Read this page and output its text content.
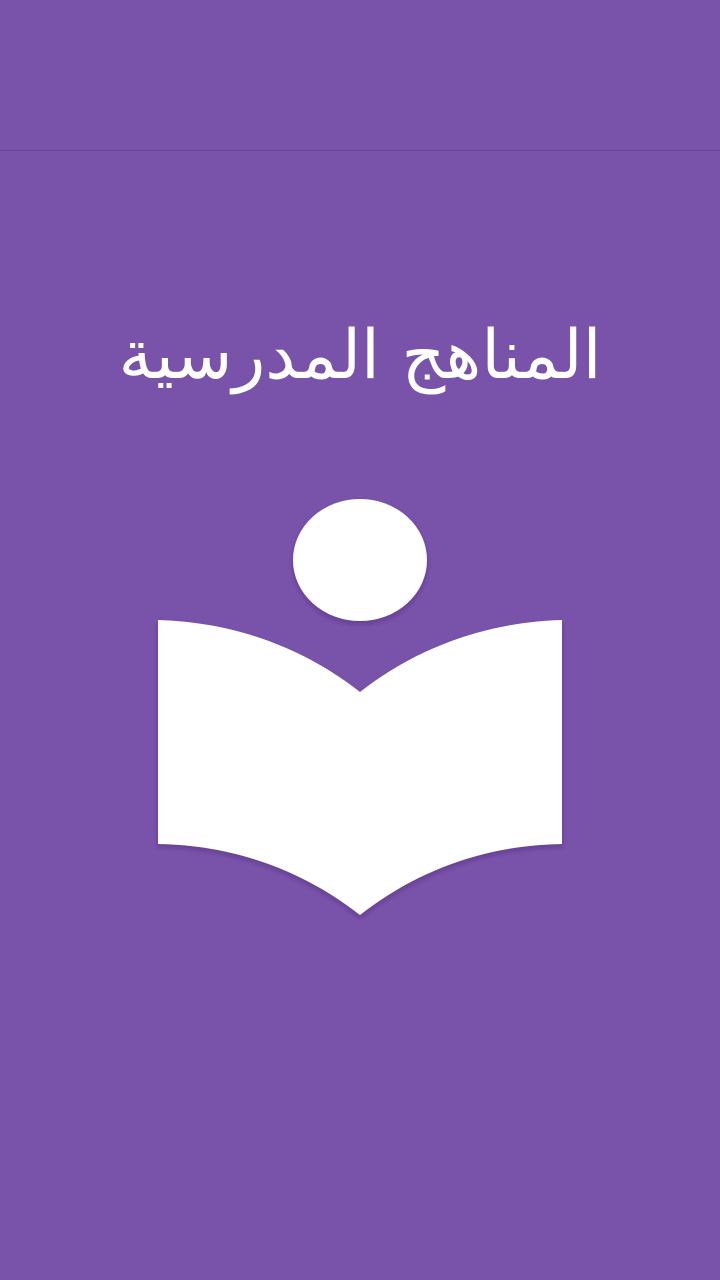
المناهج المدرسية
